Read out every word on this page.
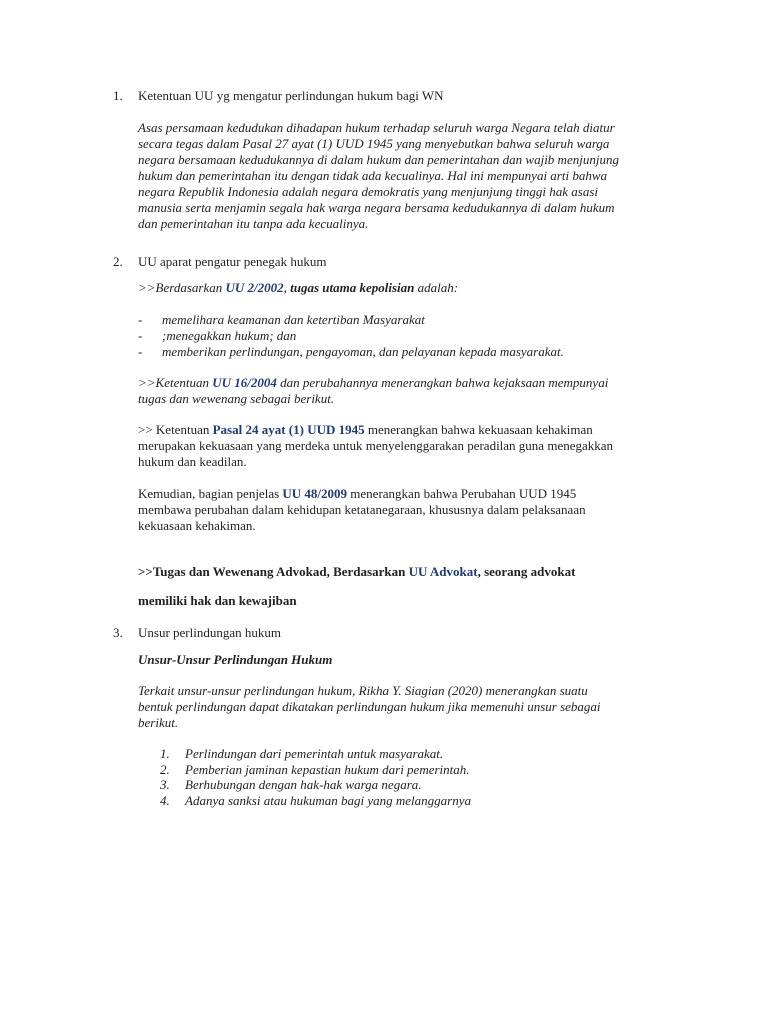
1. Ketentuan UU yg mengatur perlindungan hukum bagi WN
Asas persamaan kedudukan dihadapan hukum terhadap seluruh warga Negara telah diatur
secara tegas dalam Pasal 27 ayat (1) UUD 1945 yang menyebutkan bahwa seluruh warga
negara bersamaan kedudukannya di dalam hukum dan pemerintahan dan wajib menjunjung
hukum dan pemerintahan itu dengan tidak ada kecualinya. Hal ini mempunyai arti bahwa
negara Republik Indonesia adalah negara demokratis yang menjunjung tinggi hak asasi
manusia serta menjamin segala hak warga negara bersama kedudukannya di dalam hukum
dan pemerintahan itu tanpa ada kecualinya.
2. UU aparat pengatur penegak hukum
>>Berdasarkan UU 2/2002, tugas utama kepolisian adalah:
- memelihara keamanan dan ketertiban Masyarakat
- ;menegakkan hukum; dan
- memberikan perlindungan, pengayoman, dan pelayanan kepada masyarakat.
>>Ketentuan UU 16/2004 dan perubahannya menerangkan bahwa kejaksaan mempunyai
tugas dan wewenang sebagai berikut.
>> Ketentuan Pasal 24 ayat (1) UUD 1945 menerangkan bahwa kekuasaan kehakiman
merupakan kekuasaan yang merdeka untuk menyelenggarakan peradilan guna menegakkan
hukum dan keadilan.
Kemudian, bagian penjelas UU 48/2009 menerangkan bahwa Perubahan UUD 1945
membawa perubahan dalam kehidupan ketatanegaraan, khususnya dalam pelaksanaan
kekuasaan kehakiman.
>>Tugas dan Wewenang Advokad, Berdasarkan UU Advokat, seorang advokat
memiliki hak dan kewajiban
3. Unsur perlindungan hukum
Unsur-Unsur Perlindungan Hukum
Terkait unsur-unsur perlindungan hukum, Rikha Y. Siagian (2020) menerangkan suatu
bentuk perlindungan dapat dikatakan perlindungan hukum jika memenuhi unsur sebagai
berikut.
1.	Perlindungan dari pemerintah untuk masyarakat.
2.	Pemberian jaminan kepastian hukum dari pemerintah.
3.	Berhubungan dengan hak-hak warga negara.
4.	Adanya sanksi atau hukuman bagi yang melanggarnya
